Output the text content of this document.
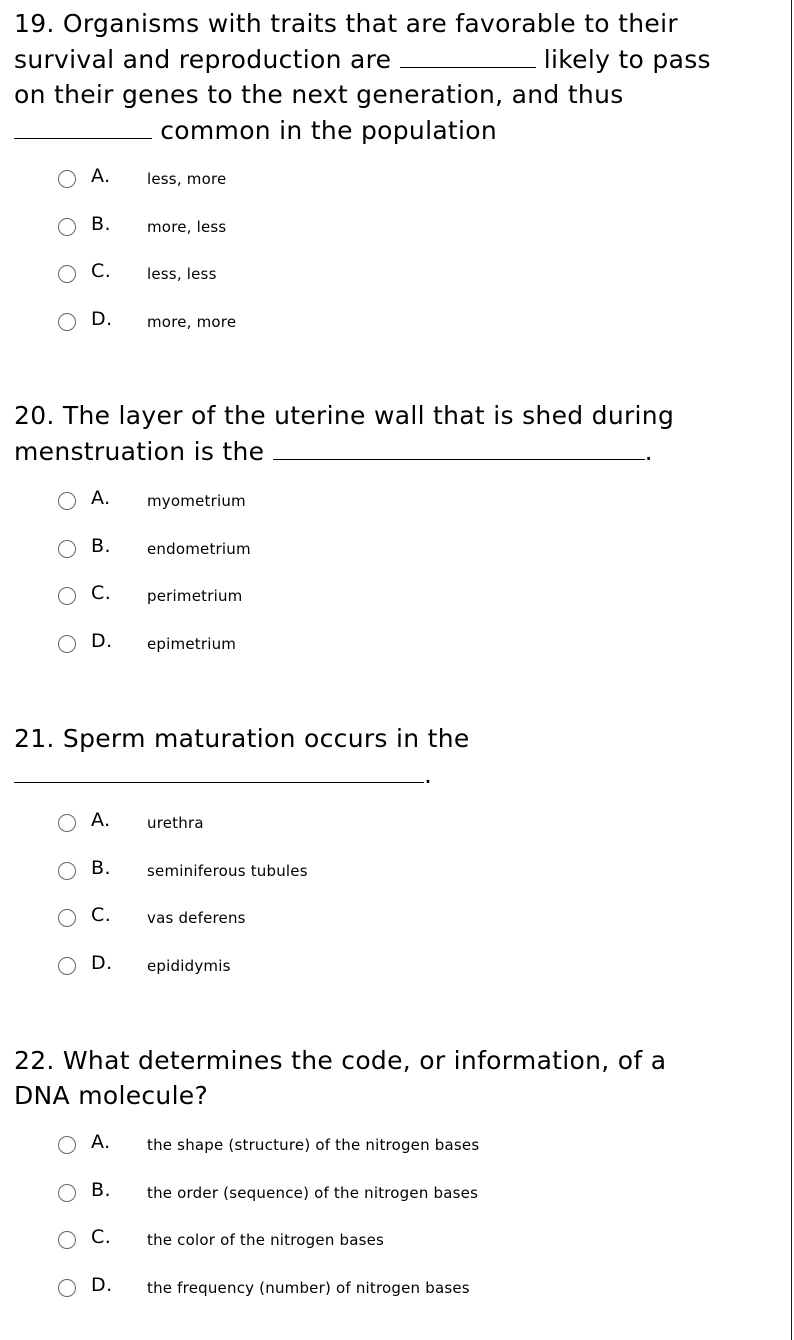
19. Organisms with traits that are favorable to their
survival and reproduction are	likely to pass
on their genes to the next generation, and thus
common in the population

A. less, more
B. more, less
C. less, less
D. more, more

20. The layer of the uterine wall that is shed during
menstruation is the	.

A. myometrium
B. endometrium
C. perimetrium
D. epimetrium

21. Sperm maturation occurs in the
.

A. urethra
B. seminiferous tubules
C. vas deferens
D. epididymis

22. What determines the code, or information, of a
DNA molecule?

A. the shape (structure) of the nitrogen bases
B. the order (sequence) of the nitrogen bases
C. the color of the nitrogen bases
D. the frequency (number) of nitrogen bases
